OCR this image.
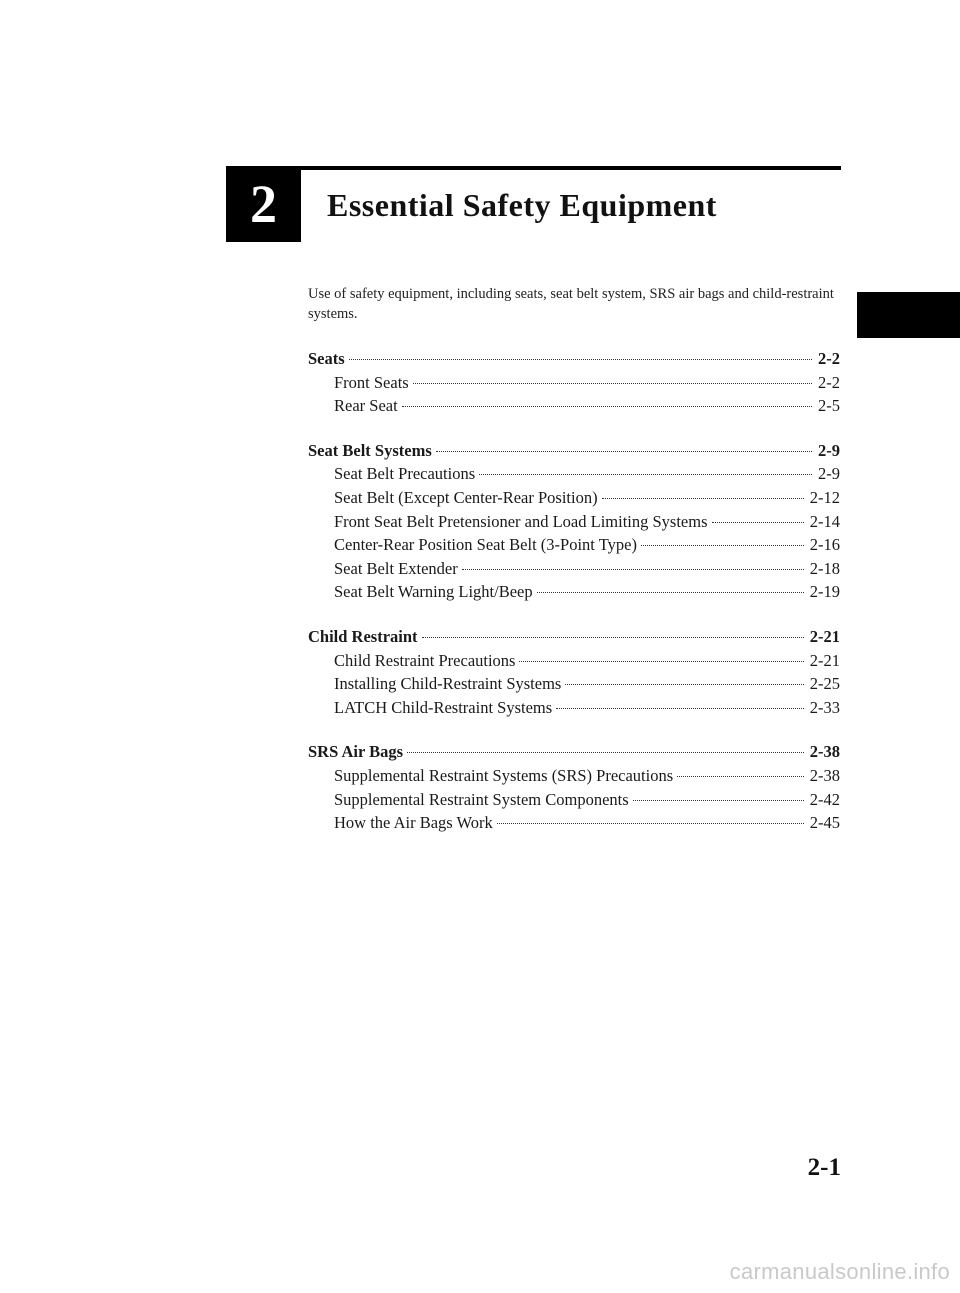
2 Essential Safety Equipment
Use of safety equipment, including seats, seat belt system, SRS air bags and child-restraint systems.
Seats	2-2
Front Seats	2-2
Rear Seat	2-5
Seat Belt Systems	2-9
Seat Belt Precautions	2-9
Seat Belt (Except Center-Rear Position)	2-12
Front Seat Belt Pretensioner and Load Limiting Systems	2-14
Center-Rear Position Seat Belt (3-Point Type)	2-16
Seat Belt Extender	2-18
Seat Belt Warning Light/Beep	2-19
Child Restraint	2-21
Child Restraint Precautions	2-21
Installing Child-Restraint Systems	2-25
LATCH Child-Restraint Systems	2-33
SRS Air Bags	2-38
Supplemental Restraint Systems (SRS) Precautions	2-38
Supplemental Restraint System Components	2-42
How the Air Bags Work	2-45
2-1
carmanualsonline.info
